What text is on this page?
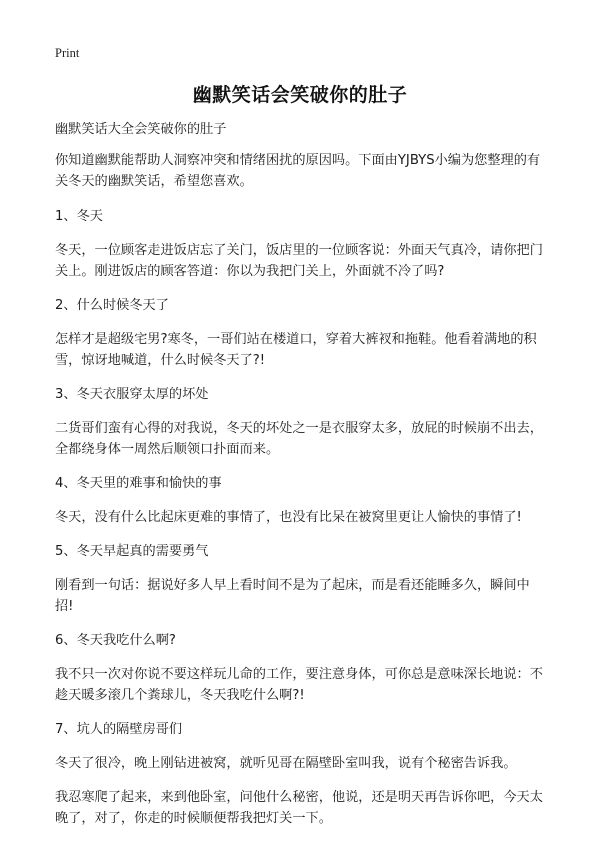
Print
幽默笑话会笑破你的肚子

幽默笑话大全会笑破你的肚子

你知道幽默能帮助人洞察冲突和情绪困扰的原因吗。下面由YJBYS小编为您整理的有关冬天的幽默笑话，希望您喜欢。

1、冬天

冬天，一位顾客走进饭店忘了关门，饭店里的一位顾客说：外面天气真冷，请你把门关上。刚进饭店的顾客答道：你以为我把门关上，外面就不冷了吗?

2、什么时候冬天了

怎样才是超级宅男?寒冬，一哥们站在楼道口，穿着大裤衩和拖鞋。他看着满地的积雪，惊讶地喊道，什么时候冬天了?!

3、冬天衣服穿太厚的坏处

二货哥们蛮有心得的对我说，冬天的坏处之一是衣服穿太多，放屁的时候崩不出去，全都绕身体一周然后顺领口扑面而来。

4、冬天里的难事和愉快的事

冬天，没有什么比起床更难的事情了，也没有比呆在被窝里更让人愉快的事情了!

5、冬天早起真的需要勇气

刚看到一句话：据说好多人早上看时间不是为了起床，而是看还能睡多久，瞬间中招!

6、冬天我吃什么啊?

我不只一次对你说不要这样玩儿命的工作，要注意身体，可你总是意味深长地说：不趁天暖多滚几个粪球儿，冬天我吃什么啊?!

7、坑人的隔壁房哥们

冬天了很冷，晚上刚钻进被窝，就听见哥在隔壁卧室叫我，说有个秘密告诉我。

我忍寒爬了起来，来到他卧室，问他什么秘密，他说，还是明天再告诉你吧，今天太晚了，对了，你走的时候顺便帮我把灯关一下。
